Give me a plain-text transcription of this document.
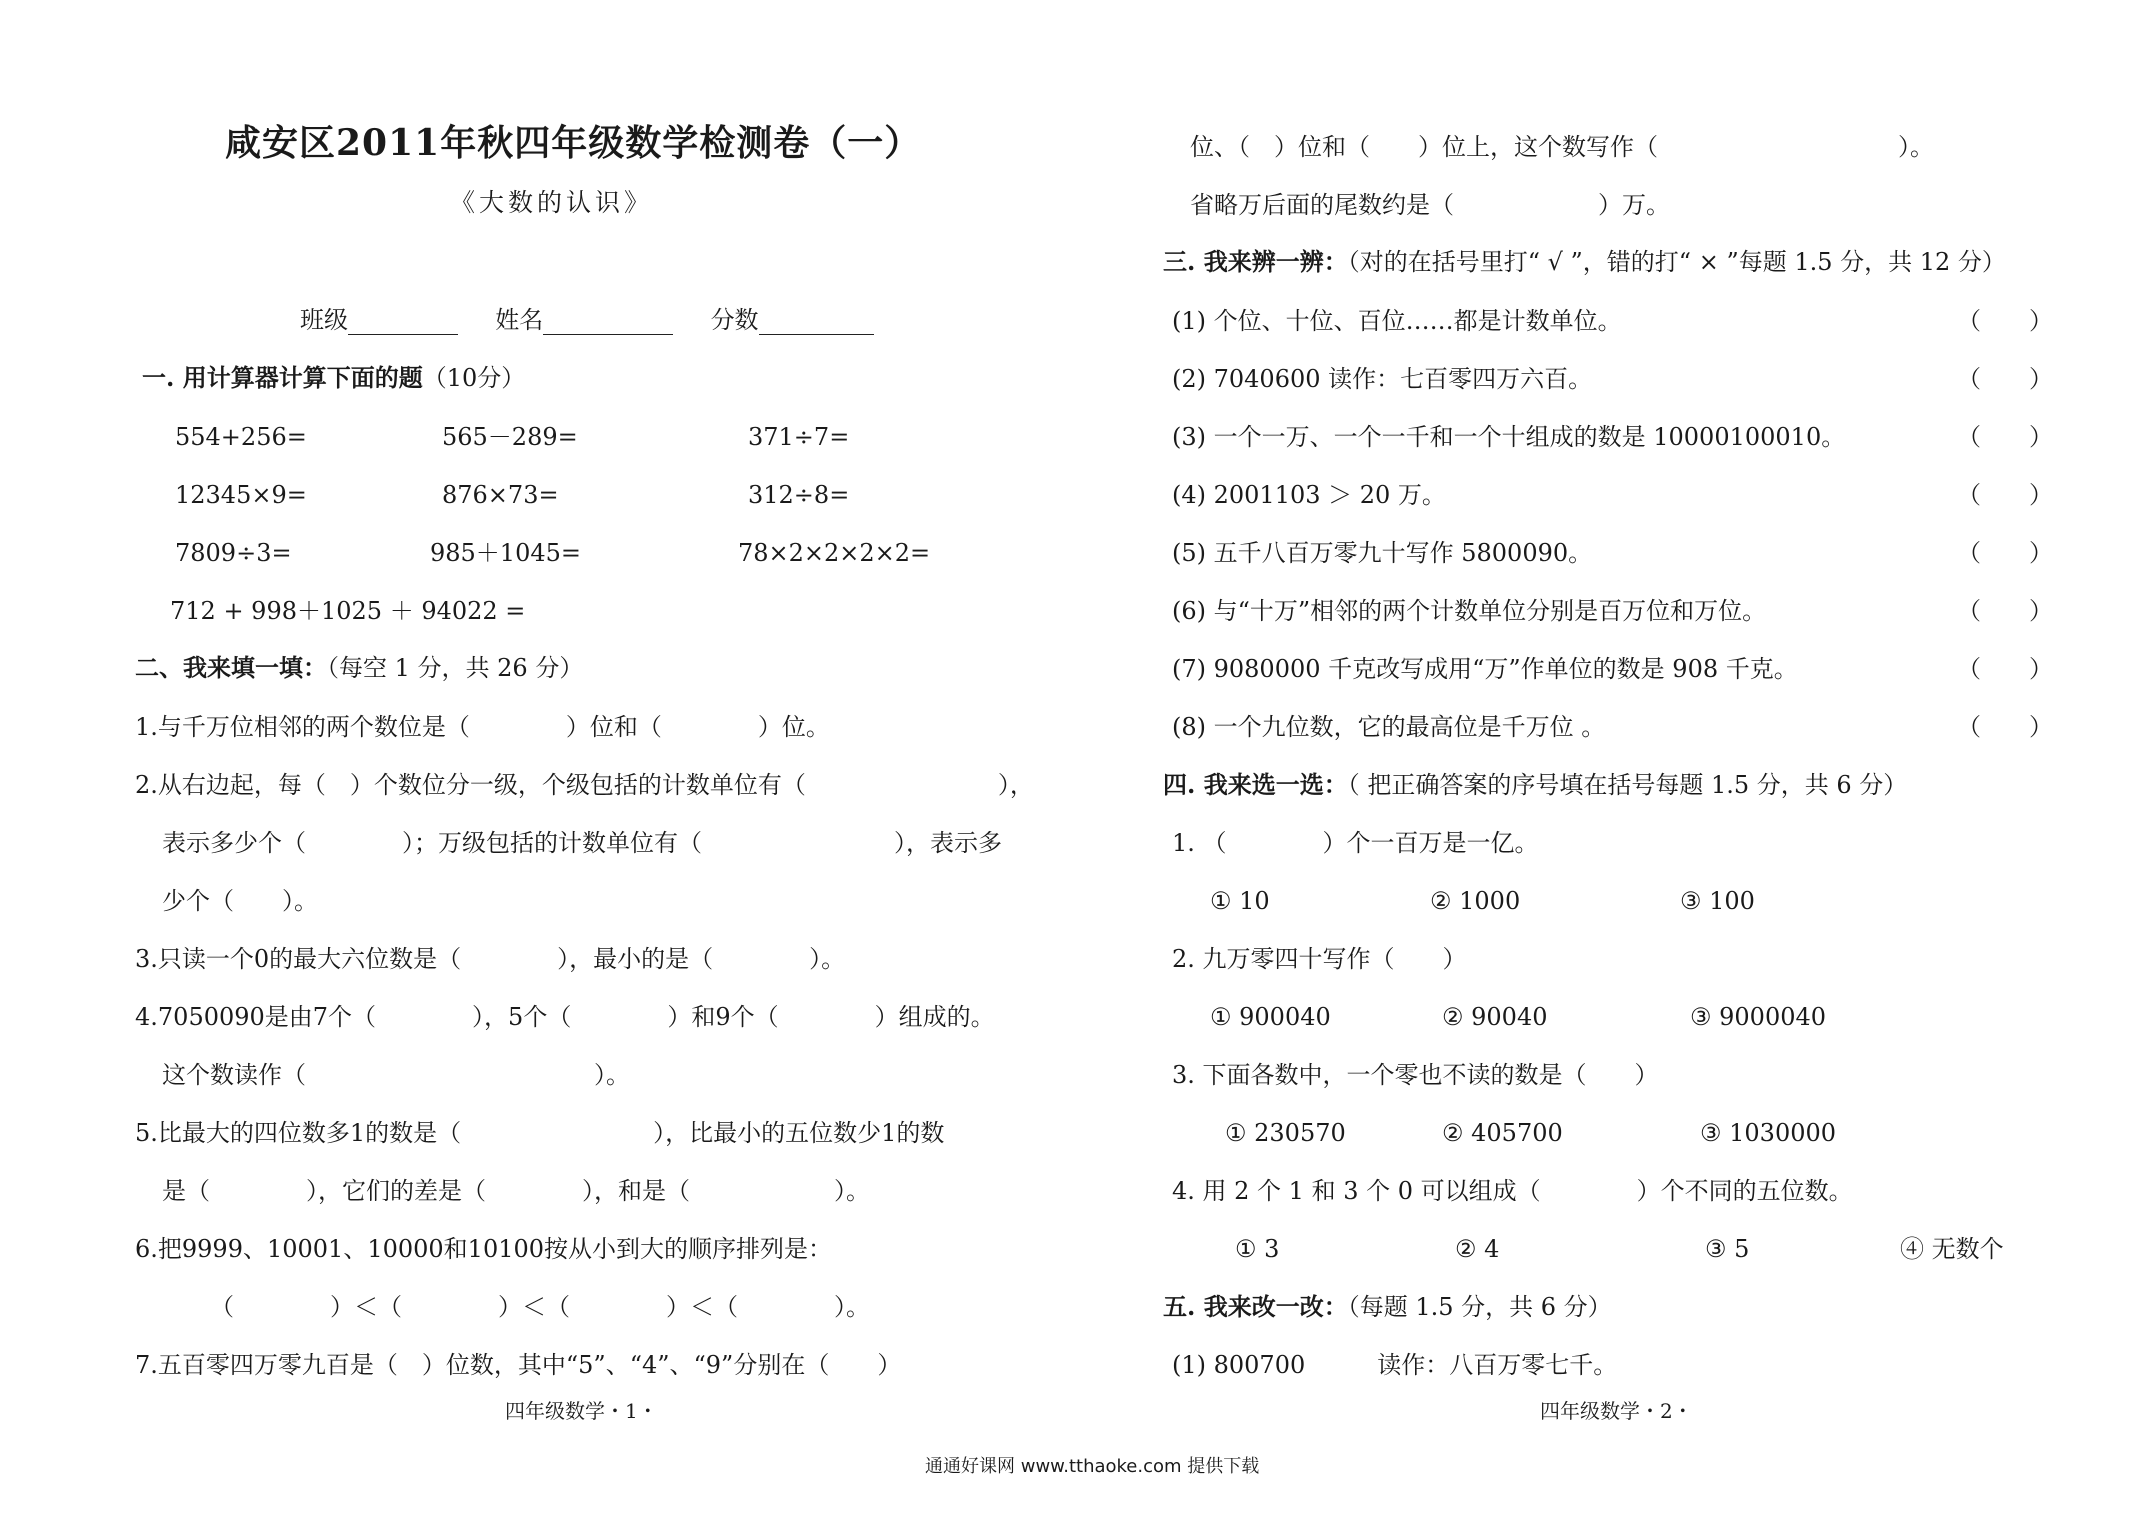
咸安区2011年秋四年级数学检测卷（一）
《大数的认识》
班级	姓名	分数
一. 用计算器计算下面的题（10分）
554+256=	565－289=	371÷7=
12345×9=	876×73=	312÷8=
7809÷3=	985＋1045=	78×2×2×2×2=
712 + 998＋1025 ＋ 94022 =
二、我来填一填：（每空 1 分，共 26 分）
1.与千万位相邻的两个数位是（　　　　）位和（　　　　）位。
2.从右边起，每（　）个数位分一级，个级包括的计数单位有（　　　　　　　　），
表示多少个（　　　　）；万级包括的计数单位有（　　　　　　　　），表示多
少个（　　）。
3.只读一个0的最大六位数是（　　　　），最小的是（　　　　）。
4.7050090是由7个（　　　　），5个（　　　　）和9个（　　　　）组成的。
这个数读作（　　　　　　　　　　　　）。
5.比最大的四位数多1的数是（　　　　　　　　），比最小的五位数少1的数
是（　　　　），它们的差是（　　　　），和是（　　　　　　）。
6.把9999、10001、10000和10100按从小到大的顺序排列是：
（　　　　）＜（　　　　）＜（　　　　）＜（　　　　）。
7.五百零四万零九百是（　）位数，其中“5”、“4”、“9”分别在（　　）
四年级数学・1・
位、（　）位和（　　）位上，这个数写作（　　　　　　　　　　）。
省略万后面的尾数约是（　　　　　　）万。
三. 我来辨一辨：（对的在括号里打“ √ ”，错的打“ × ”每题 1.5 分，共 12 分）
(1) 个位、十位、百位……都是计数单位。	（　　）
(2) 7040600 读作：七百零四万六百。	（　　）
(3) 一个一万、一个一千和一个十组成的数是 10000100010。	（　　）
(4) 2001103 ＞ 20 万。	（　　）
(5) 五千八百万零九十写作 5800090。	（　　）
(6) 与“十万”相邻的两个计数单位分别是百万位和万位。	（　　）
(7) 9080000 千克改写成用“万”作单位的数是 908 千克。	（　　）
(8) 一个九位数，它的最高位是千万位 。	（　　）
四. 我来选一选：（ 把正确答案的序号填在括号每题 1.5 分，共 6 分）
1. （　　　　）个一百万是一亿。
① 10	② 1000	③ 100
2. 九万零四十写作（　　）
① 900040	② 90040	③ 9000040
3. 下面各数中，一个零也不读的数是（　　）
① 230570	② 405700	③ 1030000
4. 用 2 个 1 和 3 个 0 可以组成（　　　　）个不同的五位数。
① 3	② 4	③ 5	④ 无数个
五. 我来改一改：（每题 1.5 分，共 6 分）
(1) 800700　　　读作：八百万零七千。
四年级数学・2・
通通好课网 www.tthaoke.com 提供下载
